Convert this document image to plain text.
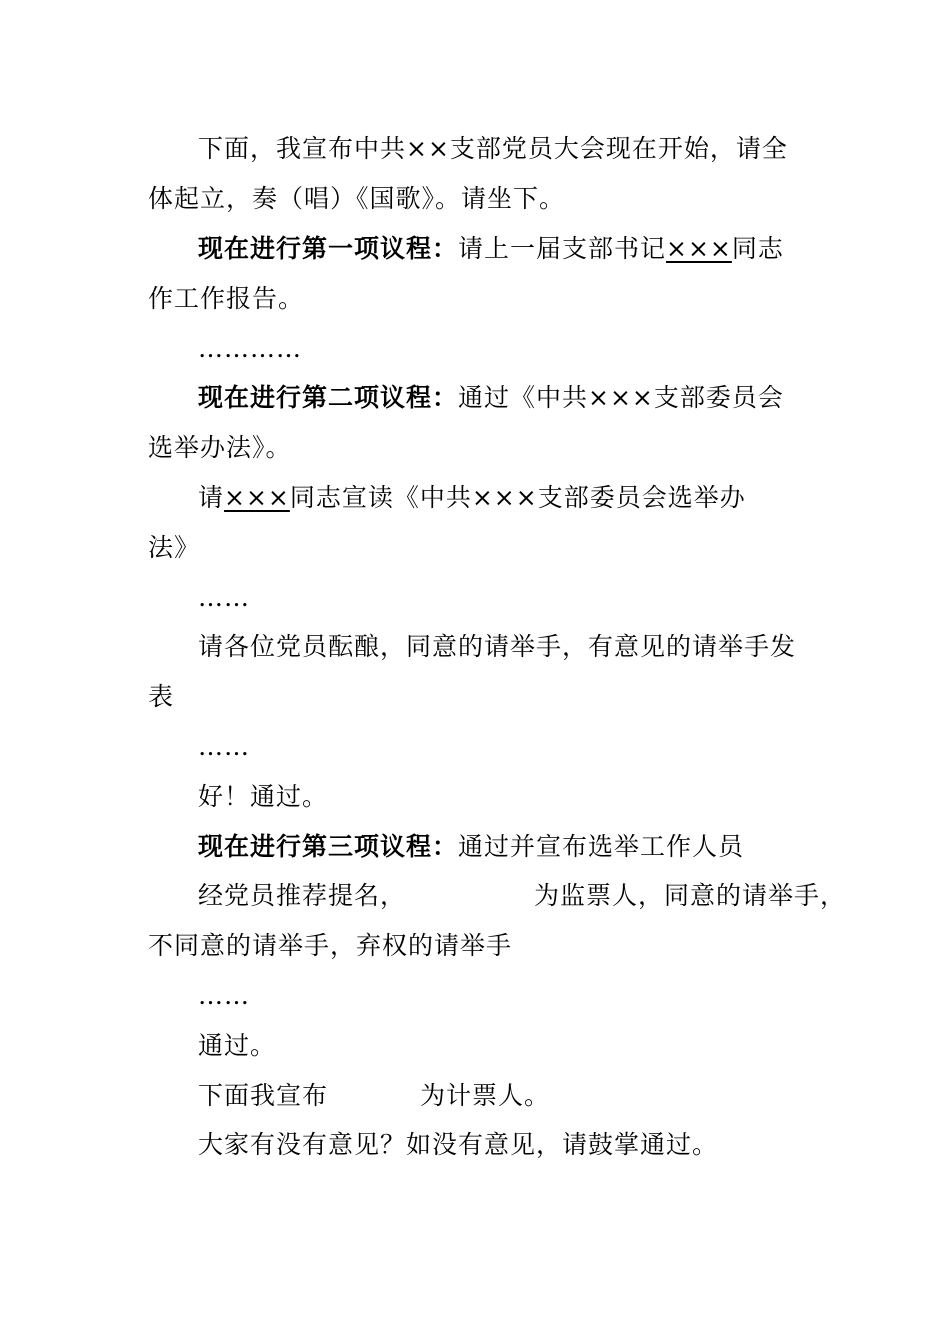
下面，我宣布中共××支部党员大会现在开始，请全
体起立，奏（唱）《国歌》。请坐下。
现在进行第一项议程：请上一届支部书记×××同志
作工作报告。
…………
现在进行第二项议程：通过《中共×××支部委员会
选举办法》。
请×××同志宣读《中共×××支部委员会选举办
法》
……
请各位党员酝酿，同意的请举手，有意见的请举手发
表
……
好！通过。
现在进行第三项议程：通过并宣布选举工作人员
经党员推荐提名，	为监票人，同意的请举手，
不同意的请举手，弃权的请举手
……
通过。
下面我宣布	为计票人。
大家有没有意见？如没有意见，请鼓掌通过。
